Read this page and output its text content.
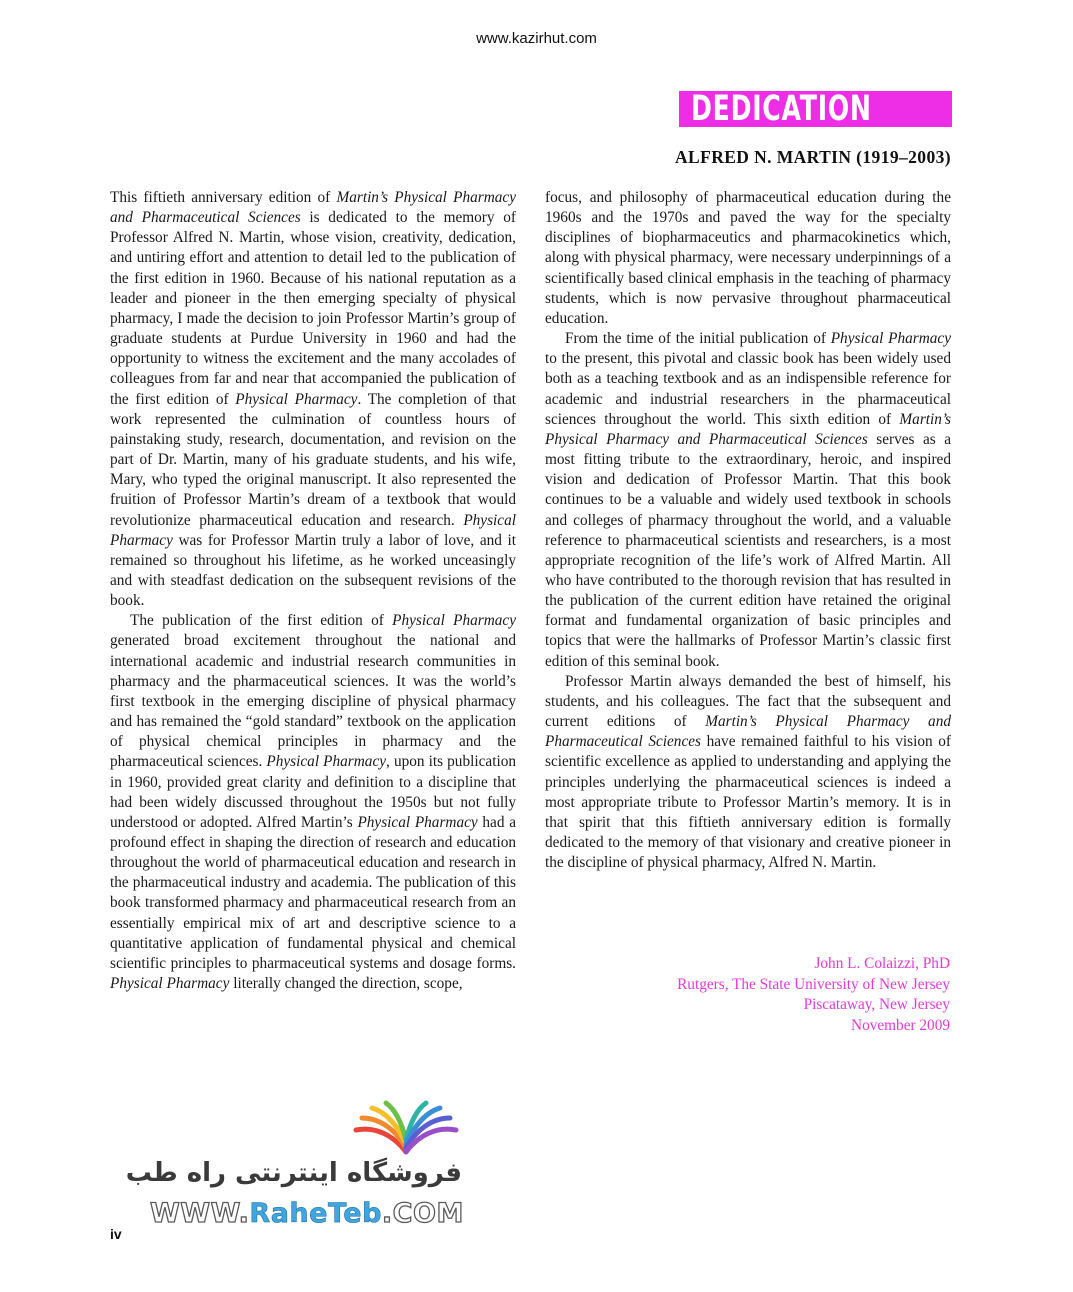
www.kazirhut.com
DEDICATION
ALFRED N. MARTIN (1919–2003)

This fiftieth anniversary edition of Martin’s Physical Pharmacy and Pharmaceutical Sciences is dedicated to the memory of Professor Alfred N. Martin, whose vision, creativity, dedication, and untiring effort and attention to detail led to the publication of the first edition in 1960. Because of his national reputation as a leader and pioneer in the then emerging specialty of physical pharmacy, I made the decision to join Professor Martin’s group of graduate students at Purdue University in 1960 and had the opportunity to witness the excitement and the many accolades of colleagues from far and near that accompanied the publication of the first edition of Physical Pharmacy. The completion of that work represented the culmination of countless hours of painstaking study, research, documentation, and revision on the part of Dr. Martin, many of his graduate students, and his wife, Mary, who typed the original manuscript. It also represented the fruition of Professor Martin’s dream of a textbook that would revolutionize pharmaceutical education and research. Physical Pharmacy was for Professor Martin truly a labor of love, and it remained so throughout his lifetime, as he worked unceasingly and with steadfast dedication on the subsequent revisions of the book.

The publication of the first edition of Physical Pharmacy generated broad excitement throughout the national and international academic and industrial research communities in pharmacy and the pharmaceutical sciences. It was the world’s first textbook in the emerging discipline of physical pharmacy and has remained the “gold standard” textbook on the application of physical chemical principles in pharmacy and the pharmaceutical sciences. Physical Pharmacy, upon its publication in 1960, provided great clarity and definition to a discipline that had been widely discussed throughout the 1950s but not fully understood or adopted. Alfred Martin’s Physical Pharmacy had a profound effect in shaping the direction of research and education throughout the world of pharmaceutical education and research in the pharmaceutical industry and academia. The publication of this book transformed pharmacy and pharmaceutical research from an essentially empirical mix of art and descriptive science to a quantitative application of fundamental physical and chemical scientific principles to pharmaceutical systems and dosage forms. Physical Pharmacy literally changed the direction, scope,

focus, and philosophy of pharmaceutical education during the 1960s and the 1970s and paved the way for the specialty disciplines of biopharmaceutics and pharmacokinetics which, along with physical pharmacy, were necessary underpinnings of a scientifically based clinical emphasis in the teaching of pharmacy students, which is now pervasive throughout pharmaceutical education.

From the time of the initial publication of Physical Pharmacy to the present, this pivotal and classic book has been widely used both as a teaching textbook and as an indispensible reference for academic and industrial researchers in the pharmaceutical sciences throughout the world. This sixth edition of Martin’s Physical Pharmacy and Pharmaceutical Sciences serves as a most fitting tribute to the extraordinary, heroic, and inspired vision and dedication of Professor Martin. That this book continues to be a valuable and widely used textbook in schools and colleges of pharmacy throughout the world, and a valuable reference to pharmaceutical scientists and researchers, is a most appropriate recognition of the life’s work of Alfred Martin. All who have contributed to the thorough revision that has resulted in the publication of the current edition have retained the original format and fundamental organization of basic principles and topics that were the hallmarks of Professor Martin’s classic first edition of this seminal book.

Professor Martin always demanded the best of himself, his students, and his colleagues. The fact that the subsequent and current editions of Martin’s Physical Pharmacy and Pharmaceutical Sciences have remained faithful to his vision of scientific excellence as applied to understanding and applying the principles underlying the pharmaceutical sciences is indeed a most appropriate tribute to Professor Martin’s memory. It is in that spirit that this fiftieth anniversary edition is formally dedicated to the memory of that visionary and creative pioneer in the discipline of physical pharmacy, Alfred N. Martin.

John L. Colaizzi, PhD
Rutgers, The State University of New Jersey
Piscataway, New Jersey
November 2009
فروشگاه اینترنتی راه طب
WWW.RaheTeb.COM
iv
